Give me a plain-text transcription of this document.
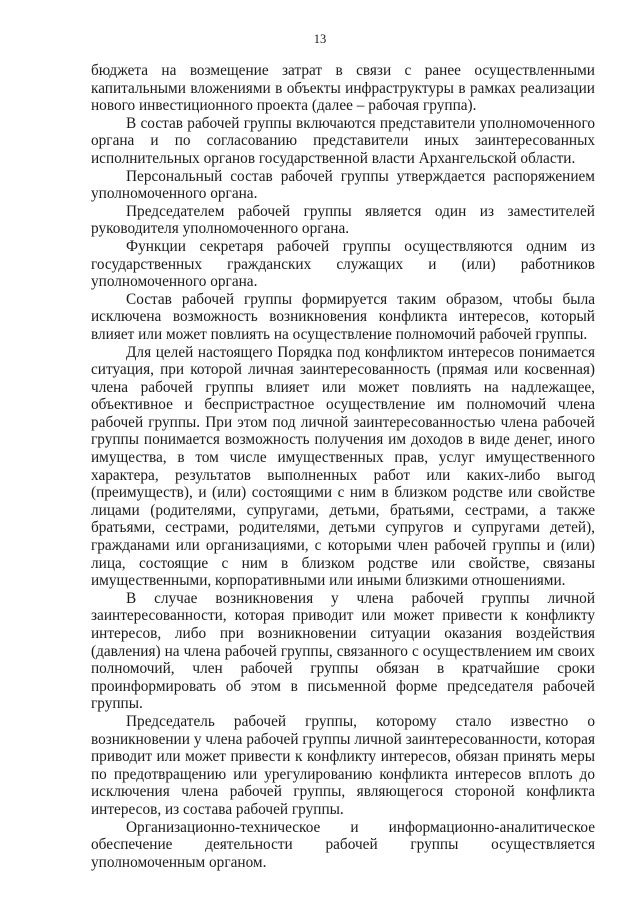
13

бюджета на возмещение затрат в связи с ранее осуществленными капитальными вложениями в объекты инфраструктуры в рамках реализации нового инвестиционного проекта (далее – рабочая группа).

В состав рабочей группы включаются представители уполномоченного органа и по согласованию представители иных заинтересованных исполнительных органов государственной власти Архангельской области.

Персональный состав рабочей группы утверждается распоряжением уполномоченного органа.

Председателем рабочей группы является один из заместителей руководителя уполномоченного органа.

Функции секретаря рабочей группы осуществляются одним из государственных гражданских служащих и (или) работников уполномоченного органа.

Состав рабочей группы формируется таким образом, чтобы была исключена возможность возникновения конфликта интересов, который влияет или может повлиять на осуществление полномочий рабочей группы.

Для целей настоящего Порядка под конфликтом интересов понимается ситуация, при которой личная заинтересованность (прямая или косвенная) члена рабочей группы влияет или может повлиять на надлежащее, объективное и беспристрастное осуществление им полномочий члена рабочей группы. При этом под личной заинтересованностью члена рабочей группы понимается возможность получения им доходов в виде денег, иного имущества, в том числе имущественных прав, услуг имущественного характера, результатов выполненных работ или каких-либо выгод (преимуществ), и (или) состоящими с ним в близком родстве или свойстве лицами (родителями, супругами, детьми, братьями, сестрами, а также братьями, сестрами, родителями, детьми супругов и супругами детей), гражданами или организациями, с которыми член рабочей группы и (или) лица, состоящие с ним в близком родстве или свойстве, связаны имущественными, корпоративными или иными близкими отношениями.

В случае возникновения у члена рабочей группы личной заинтересованности, которая приводит или может привести к конфликту интересов, либо при возникновении ситуации оказания воздействия (давления) на члена рабочей группы, связанного с осуществлением им своих полномочий, член рабочей группы обязан в кратчайшие сроки проинформировать об этом в письменной форме председателя рабочей группы.

Председатель рабочей группы, которому стало известно о возникновении у члена рабочей группы личной заинтересованности, которая приводит или может привести к конфликту интересов, обязан принять меры по предотвращению или урегулированию конфликта интересов вплоть до исключения члена рабочей группы, являющегося стороной конфликта интересов, из состава рабочей группы.

Организационно-техническое и информационно-аналитическое обеспечение деятельности рабочей группы осуществляется уполномоченным органом.
